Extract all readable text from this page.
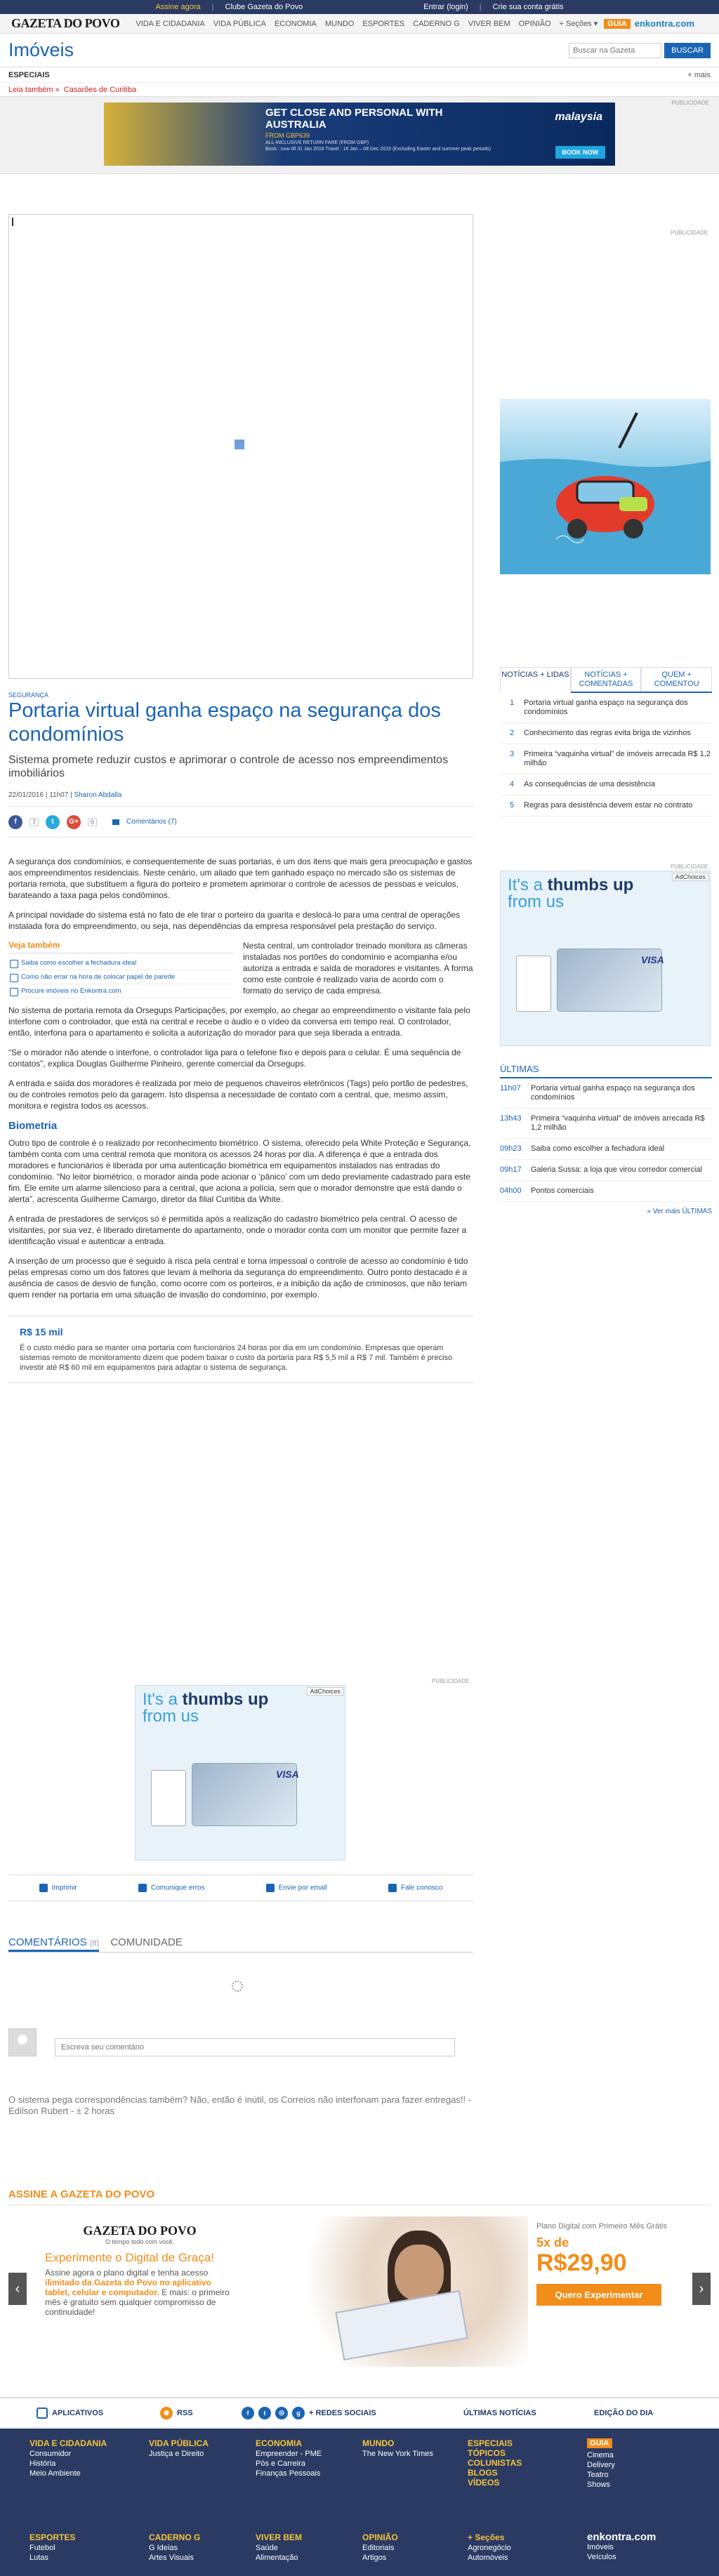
Assine agora | Clube Gazeta do Povo	Entrar (login) | Crie sua conta grátis
GAZETA DO POVO VIDA E CIDADANIA VIDA PÚBLICA ECONOMIA MUNDO ESPORTES CADERNO G VIVER BEM OPINIÃO + Seções ▾	GUIA enkontra.com
Imóveis
Buscar na Gazeta	BUSCAR
ESPECIAIS	+ mais
Leia também » Casarões de Curitiba
PUBLICIDADE
GET CLOSE AND PERSONAL WITH AUSTRALIA
FROM GBP639
ALL-INCLUSIVE RETURN FARE (FROM GBP)
Book : now till 31 Jan 2016 Travel : 16 Jan – 08 Dec 2016 (Excluding Easter and summer peak periods)
malaysia
BOOK NOW
PUBLICIDADE
SEGURANÇA
Portaria virtual ganha espaço na segurança dos condomínios
Sistema promete reduzir custos e aprimorar o controle de acesso nos empreendimentos imobiliários
22/01/2016 | 11h07 | Sharon Abdalla
f	7	t	G+	0	Comentários (7)

A segurança dos condomínios, e consequentemente de suas portarias, é um dos itens que mais gera preocupação e gastos aos empreendimentos residenciais. Neste cenário, um aliado que tem ganhado espaço no mercado são os sistemas de portaria remota, que substituem a figura do porteiro e prometem aprimorar o controle de acessos de pessoas e veículos, barateando a taxa paga pelos condôminos.

A principal novidade do sistema está no fato de ele tirar o porteiro da guarita e deslocá-lo para uma central de operações instalada fora do empreendimento, ou seja, nas dependências da empresa responsável pela prestação do serviço.

Veja também
Saiba como escolher a fechadura ideal
Como não errar na hora de colocar papel de parede
Procure imóveis no Enkontra.com

Nesta central, um controlador treinado monitora as câmeras instaladas nos portões do condomínio e acompanha e/ou autoriza a entrada e saída de moradores e visitantes. A forma como este controle é realizado varia de acordo com o formato do serviço de cada empresa.

No sistema de portaria remota da Orsegups Participações, por exemplo, ao chegar ao empreendimento o visitante fala pelo interfone com o controlador, que está na central e recebe o áudio e o vídeo da conversa em tempo real. O controlador, então, interfona para o apartamento e solicita a autorização do morador para que seja liberada a entrada.

“Se o morador não atende o interfone, o controlador liga para o telefone fixo e depois para o celular. É uma sequência de contatos”, explica Douglas Guilherme Pinheiro, gerente comercial da Orsegups.

A entrada e saída dos moradores é realizada por meio de pequenos chaveiros eletrônicos (Tags) pelo portão de pedestres, ou de controles remotos pelo da garagem. Isto dispensa a necessidade de contato com a central, que, mesmo assim, monitora e registra todos os acessos.

Biometria

Outro tipo de controle é o realizado por reconhecimento biométrico. O sistema, oferecido pela White Proteção e Segurança, também conta com uma central remota que monitora os acessos 24 horas por dia. A diferença é que a entrada dos moradores e funcionários é liberada por uma autenticação biométrica em equipamentos instalados nas entradas do condomínio. “No leitor biométrico, o morador ainda pode acionar o ‘pânico’ com um dedo previamente cadastrado para este fim. Ele emite um alarme silencioso para a central, que aciona a polícia, sem que o morador demonstre que está dando o alerta”, acrescenta Guilherme Camargo, diretor da filial Curitiba da White.

A entrada de prestadores de serviços só é permitida após a realização do cadastro biométrico pela central. O acesso de visitantes, por sua vez, é liberado diretamente do apartamento, onde o morador conta com um monitor que permite fazer a identificação visual e autenticar a entrada.

A inserção de um processo que é seguido à risca pela central e torna impessoal o controle de acesso ao condomínio é tido pelas empresas como um dos fatores que levam à melhoria da segurança do empreendimento. Outro ponto destacado é a ausência de casos de desvio de função, como ocorre com os porteiros, e a inibição da ação de criminosos, que não teriam quem render na portaria em uma situação de invasão do condomínio, por exemplo.

R$ 15 mil
É o custo médio para se manter uma portaria com funcionários 24 horas por dia em um condomínio. Empresas que operam sistemas remoto de monitoramento dizem que podem baixar o custo da portaria para R$ 5,5 mil a R$ 7 mil. Também é preciso investir até R$ 60 mil em equipamentos para adaptar o sistema de segurança.
PUBLICIDADE
It's a thumbs up
from us
AdChoices
VISA
Imprimir	Comunique erros	Envie por email	Fale conosco
COMENTÁRIOS (8) COMUNIDADE
Escreva seu comentário
O sistema pega correspondências também? Não, então é inútil, os Correios não interfonam para fazer entregas!! - Edilson Rubert - ± 2 horas
NOTÍCIAS + LIDAS	NOTÍCIAS + COMENTADAS
QUEM + COMENTOU
1	Portaria virtual ganha espaço na segurança dos condomínios
2	Conhecimento das regras evita briga de vizinhos
3	Primeira “vaquinha virtual” de imóveis arrecada R$ 1,2 milhão
4	As consequências de uma desistência
5	Regras para desistência devem estar no contrato
PUBLICIDADE
It's a thumbs up
from us
AdChoices
VISA
ÚLTIMAS
11h07	Portaria virtual ganha espaço na segurança dos condomínios
13h43	Primeira “vaquinha virtual” de imóveis arrecada R$ 1,2 milhão
09h23	Saiba como escolher a fechadura ideal
09h17	Galeria Sussa: a loja que virou corredor comercial
04h00	Pontos comerciais
» Ver mais ÚLTIMAS
ASSINE A GAZETA DO POVO
‹	›
GAZETA DO POVO
O tempo todo com você.
Experimente o Digital de Graça!
Assine agora o plano digital e tenha acesso ilimitado da Gazeta do Povo no aplicativo tablet, celular e computador. E mais: o primeiro mês é gratuito sem qualquer compromisso de continuidade!
Plano Digital com Primeiro Mês Grátis
5x de
R$29,90
Quero Experimentar
APLICATIVOS	◉	RSS	f	t	◎	g	+ REDES SOCIAIS	ÚLTIMAS NOTÍCIAS	EDIÇÃO DO DIA
VIDA E CIDADANIA
Consumidor
História
Meio Ambiente
VIDA PÚBLICA
Justiça e Direito
ECONOMIA
Empreender - PME
Pós e Carreira
Finanças Pessoais
MUNDO
The New York Times
ESPECIAIS
TÓPICOS
COLUNISTAS
BLOGS
VÍDEOS
GUIA
Cinema
Delivery
Teatro
Shows
ESPORTES
Futebol
Lutas
CADERNO G
G Ideias
Artes Visuais
VIVER BEM
Saúde
Alimentação
OPINIÃO
Editoriais
Artigos
+ Seções
Agronegócio
Automóveis
enkontra.com
Imóveis
Veículos
